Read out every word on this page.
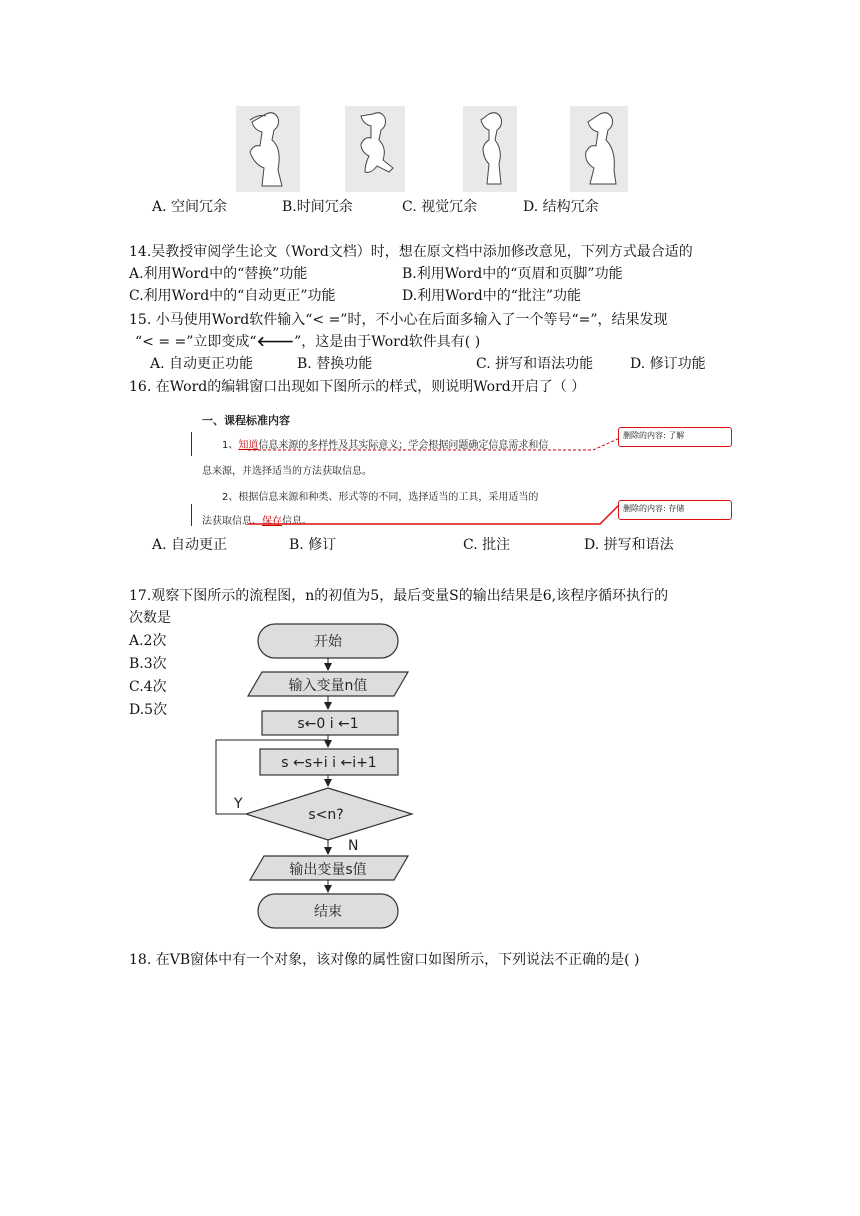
A. 空间冗余	B.时间冗余	C. 视觉冗余	D. 结构冗余
14.吴教授审阅学生论文（Word文档）时，想在原文档中添加修改意见，下列方式最合适的
A.利用Word中的“替换”功能	B.利用Word中的“页眉和页脚”功能
C.利用Word中的“自动更正”功能	D.利用Word中的“批注”功能
15. 小马使用Word软件输入“< =”时，不小心在后面多输入了一个等号“=”，结果发现
“< = =”立即变成“🡐”，这是由于Word软件具有( )
A. 自动更正功能	B. 替换功能	C. 拼写和语法功能	D. 修订功能
16. 在Word的编辑窗口出现如下图所示的样式，则说明Word开启了（ ）
一、课程标准内容
1、知道信息来源的多样性及其实际意义；学会根据问题确定信息需求和信
息来源，并选择适当的方法获取信息。
2、根据信息来源和种类、形式等的不同，选择适当的工具，采用适当的
法获取信息、保存信息。
删除的内容: 了解
删除的内容: 存储
A. 自动更正	B. 修订	C. 批注	D. 拼写和语法
17.观察下图所示的流程图，n的初值为5，最后变量S的输出结果是6,该程序循环执行的
次数是
A.2次
B.3次
C.4次
D.5次
开始
输入变量n值
s←0 i ←1
s ←s+i i ←i+1
s<n?
Y
N
输出变量s值
结束
18. 在VB窗体中有一个对象，该对像的属性窗口如图所示，下列说法不正确的是( )
